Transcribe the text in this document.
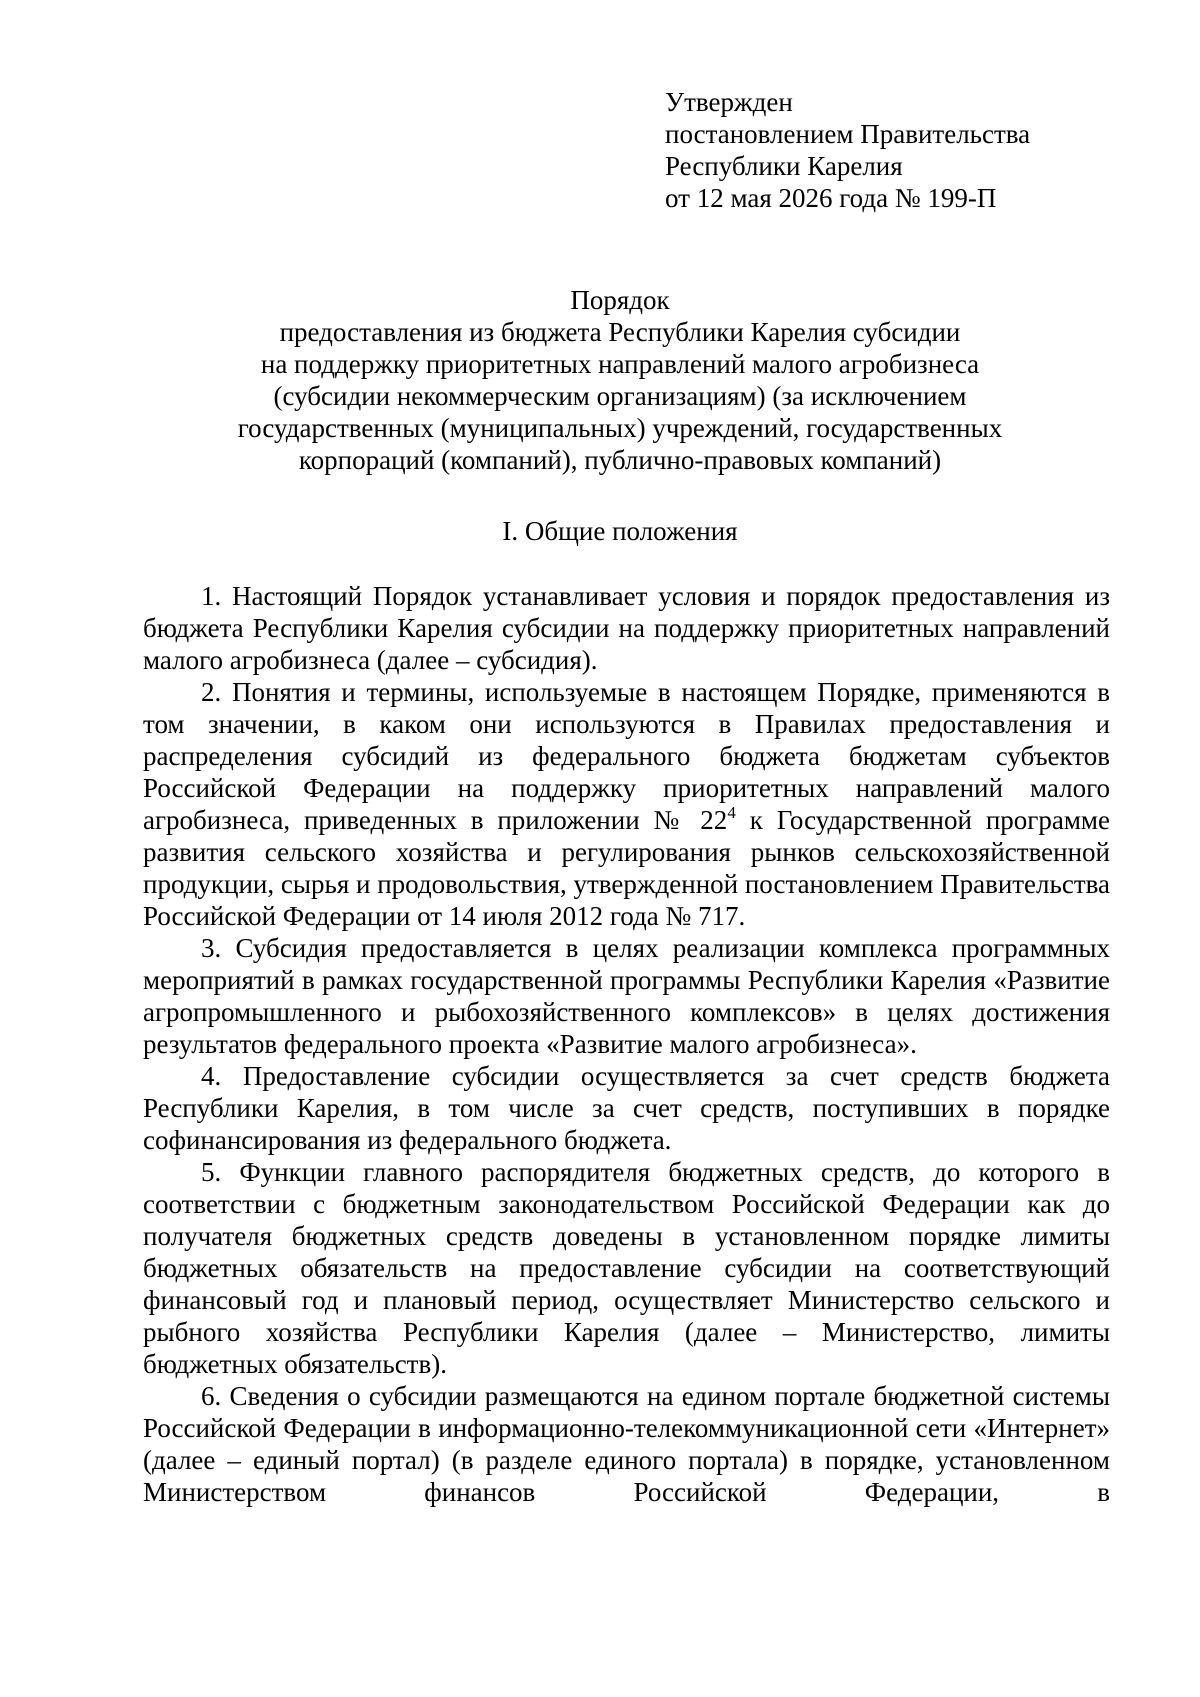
Утвержден
постановлением Правительства
Республики Карелия
от 12 мая 2026 года № 199-П
Порядок
предоставления из бюджета Республики Карелия субсидии
на поддержку приоритетных направлений малого агробизнеса
(субсидии некоммерческим организациям) (за исключением
государственных (муниципальных) учреждений, государственных
корпораций (компаний), публично-правовых компаний)
I. Общие положения

1. Настоящий Порядок устанавливает условия и порядок предоставления из бюджета Республики Карелия субсидии на поддержку приоритетных направлений малого агробизнеса (далее – субсидия).

2. Понятия и термины, используемые в настоящем Порядке, применяются в том значении, в каком они используются в Правилах предоставления и распределения субсидий из федерального бюджета бюджетам субъектов Российской Федерации на поддержку приоритетных направлений малого агробизнеса, приведенных в приложении № $22^4$ к Государственной программе развития сельского хозяйства и регулирования рынков сельскохозяйственной продукции, сырья и продовольствия, утвержденной постановлением Правительства Российской Федерации от 14 июля 2012 года № 717.

3. Субсидия предоставляется в целях реализации комплекса программных мероприятий в рамках государственной программы Республики Карелия «Развитие агропромышленного и рыбохозяйственного комплексов» в целях достижения результатов федерального проекта «Развитие малого агробизнеса».

4. Предоставление субсидии осуществляется за счет средств бюджета Республики Карелия, в том числе за счет средств, поступивших в порядке софинансирования из федерального бюджета.

5. Функции главного распорядителя бюджетных средств, до которого в соответствии с бюджетным законодательством Российской Федерации как до получателя бюджетных средств доведены в установленном порядке лимиты бюджетных обязательств на предоставление субсидии на соответствующий финансовый год и плановый период, осуществляет Министерство сельского и рыбного хозяйства Республики Карелия (далее – Министерство, лимиты бюджетных обязательств).

6. Сведения о субсидии размещаются на едином портале бюджетной системы Российской Федерации в информационно-телекоммуникационной сети «Интернет» (далее – единый портал) (в разделе единого портала) в порядке, установленном Министерством финансов Российской Федерации, в
